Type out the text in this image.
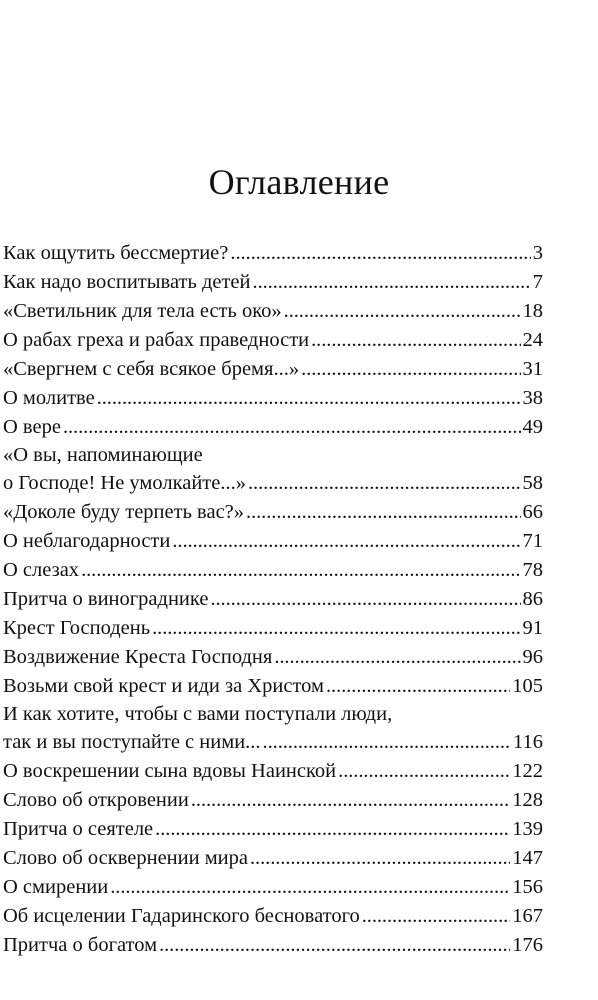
Оглавление
Как ощутить бессмертие? . . .	3
Как надо воспитывать детей . . .	7
«Светильник для тела есть око» . . .	18
О рабах греха и рабах праведности . . .	24
«Свергнем с себя всякое бремя...» . . .	31
О молитве . . .	38
О вере . . .	49
«О вы, напоминающие
о Господе! Не умолкайте...» . . .	58
«Доколе буду терпеть вас?» . . .	66
О неблагодарности . . .	71
О слезах . . .	78
Притча о винограднике . . .	86
Крест Господень . . .	91
Воздвижение Креста Господня . . .	96
Возьми свой крест и иди за Христом . . .	105
И как хотите, чтобы с вами поступали люди,
так и вы поступайте с ними... . . .	116
О воскрешении сына вдовы Наинской . . .	122
Слово об откровении . . .	128
Притча о сеятеле . . .	139
Слово об осквернении мира . . .	147
О смирении . . .	156
Об исцелении Гадаринского бесноватого . . .	167
Притча о богатом . . .	176
